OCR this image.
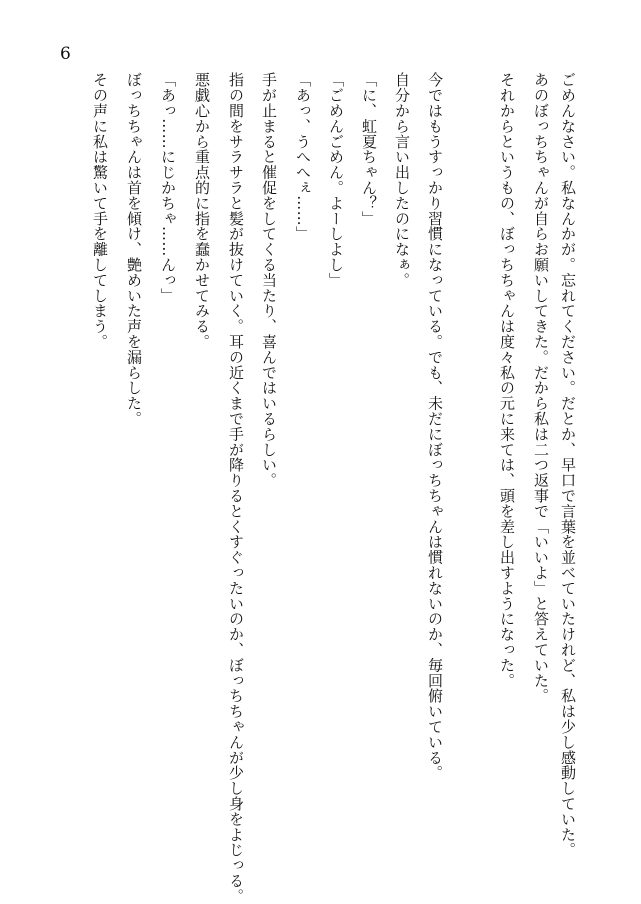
6
ごめんなさい。私なんかが。忘れてください。だとか、早口で言葉を並べていたけれど、私は少し感動していた。
あのぼっちちゃんが自らお願いしてきた。だから私は二つ返事で「いいよ」と答えていた。
それからというもの、ぼっちちゃんは度々私の元に来ては、頭を差し出すようになった。
今ではもうすっかり習慣になっている。でも、未だにぼっちちゃんは慣れないのか、毎回俯いている。
自分から言い出したのになぁ。
「に、虹夏ちゃん？」
「ごめんごめん。よーしよし」
「あっ、うへへぇ……」
手が止まると催促をしてくる当たり、喜んではいるらしい。
指の間をサラサラと髪が抜けていく。耳の近くまで手が降りるとくすぐったいのか、ぼっちちゃんが少し身をよじっる。
悪戯心から重点的に指を蠢かせてみる。
「あっ……にじかちゃ……んっ」
ぼっちちゃんは首を傾け、艶めいた声を漏らした。
その声に私は驚いて手を離してしまう。
